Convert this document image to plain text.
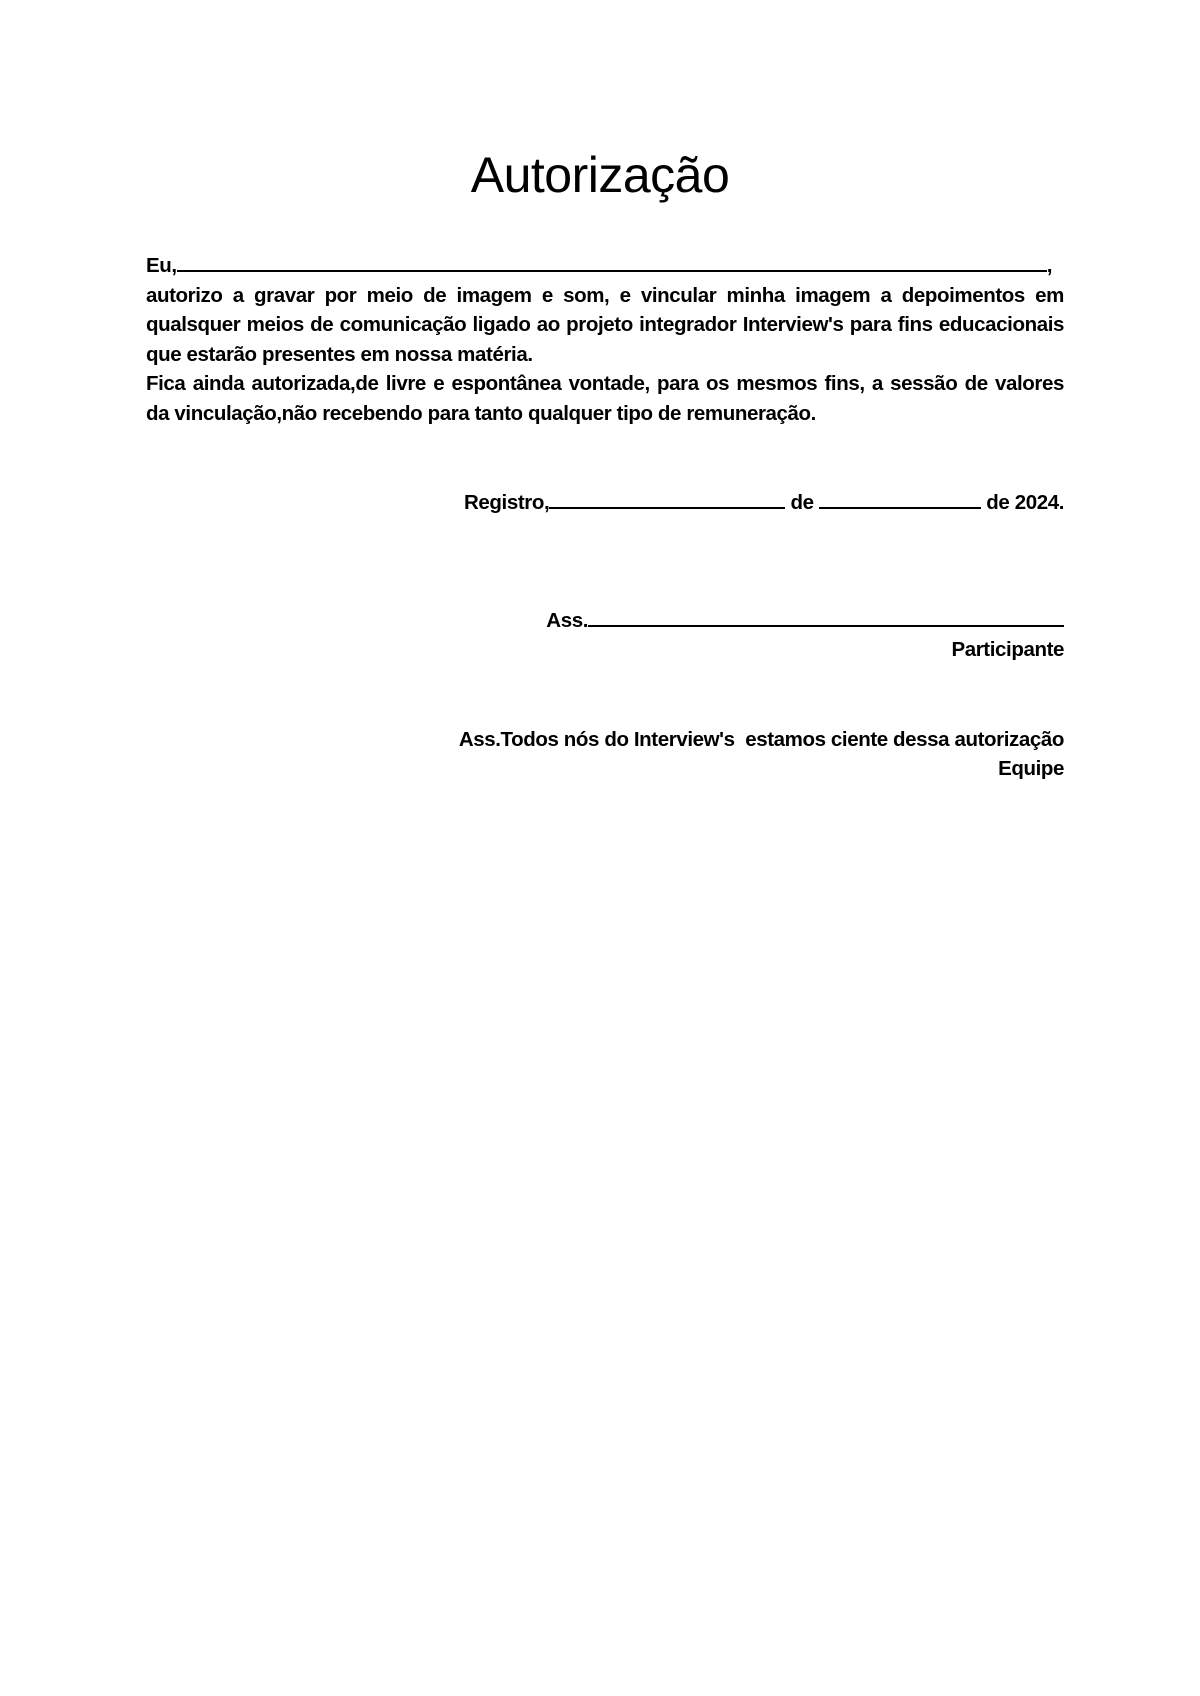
Autorização
Eu,	,

autorizo a gravar por meio de imagem e som, e vincular minha imagem a depoimentos em qualsquer meios de comunicação ligado ao projeto integrador Interview's para fins educacionais que estarão presentes em nossa matéria.

Fica ainda autorizada,de livre e espontânea vontade, para os mesmos fins, a sessão de valores da vinculação,não recebendo para tanto qualquer tipo de remuneração.

Registro,	de	de 2024.
Ass.
Participante
Ass.Todos nós do Interview's  estamos ciente dessa autorização
Equipe
